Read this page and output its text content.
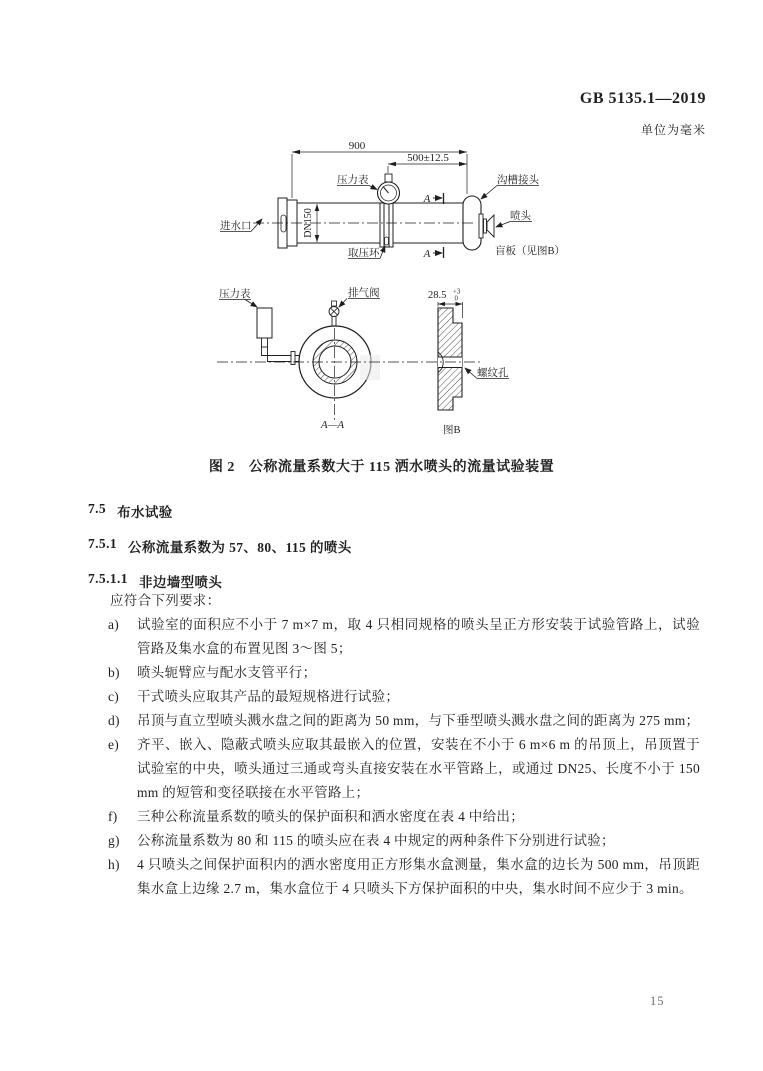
GB 5135.1—2019
单位为毫米
900
500±12.5
进水口
压力表
取压环
沟槽接头
喷头
盲板（见图B）
DN150
A
A
排气阀
压力表
A—A
28.5 +3
0
螺纹孔
图B
图 2 公称流量系数大于 115 洒水喷头的流量试验装置
7.5 布水试验
7.5.1 公称流量系数为 57、80、115 的喷头
7.5.1.1 非边墙型喷头

应符合下列要求：

a)	试验室的面积应不小于 7 m×7 m，取 4 只相同规格的喷头呈正方形安装于试验管路上，试验管路及集水盒的布置见图 3～图 5；
b)	喷头轭臂应与配水支管平行；
c)	干式喷头应取其产品的最短规格进行试验；
d)	吊顶与直立型喷头溅水盘之间的距离为 50 mm，与下垂型喷头溅水盘之间的距离为 275 mm；
e)	齐平、嵌入、隐蔽式喷头应取其最嵌入的位置，安装在不小于 6 m×6 m 的吊顶上，吊顶置于试验室的中央，喷头通过三通或弯头直接安装在水平管路上，或通过 DN25、长度不小于 150 mm 的短管和变径联接在水平管路上；
f)	三种公称流量系数的喷头的保护面积和洒水密度在表 4 中给出；
g)	公称流量系数为 80 和 115 的喷头应在表 4 中规定的两种条件下分别进行试验；
h)	4 只喷头之间保护面积内的洒水密度用正方形集水盒测量，集水盒的边长为 500 mm，吊顶距集水盒上边缘 2.7 m，集水盒位于 4 只喷头下方保护面积的中央，集水时间不应少于 3 min。
15
